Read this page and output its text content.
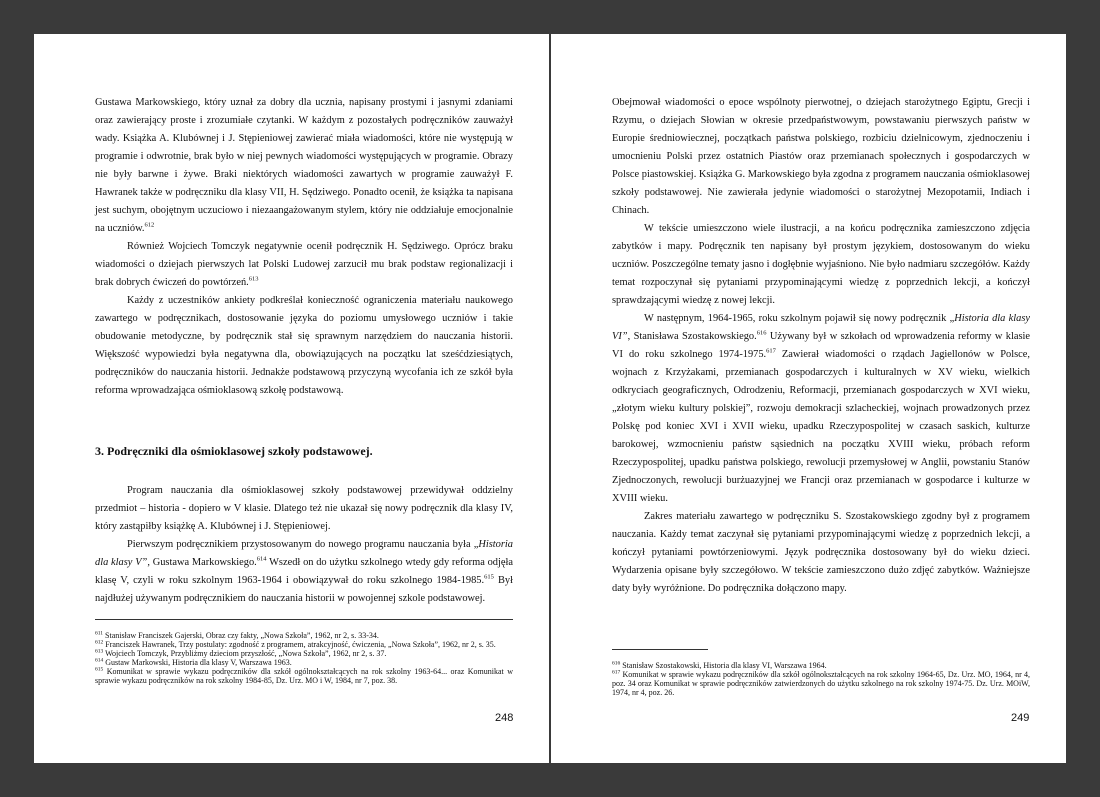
Gustawa Markowskiego, który uznał za dobry dla ucznia, napisany prostymi i jasnymi zdaniami oraz zawierający proste i zrozumiałe czytanki. W każdym z pozostałych podręczników zauważył wady. Książka A. Klubównej i J. Stępieniowej zawierać miała wiadomości, które nie występują w programie i odwrotnie, brak było w niej pewnych wiadomości występujących w programie. Obrazy nie były barwne i żywe. Braki niektórych wiadomości zawartych w programie zauważył F. Hawranek także w podręczniku dla klasy VII, H. Sędziwego. Ponadto ocenił, że książka ta napisana jest suchym, obojętnym uczuciowo i niezaangażowanym stylem, który nie oddziałuje emocjonalnie na uczniów.$^{612}$

Również Wojciech Tomczyk negatywnie ocenił podręcznik H. Sędziwego. Oprócz braku wiadomości o dziejach pierwszych lat Polski Ludowej zarzucił mu brak podstaw regionalizacji i brak dobrych ćwiczeń do powtórzeń.$^{613}$

Każdy z uczestników ankiety podkreślał konieczność ograniczenia materiału naukowego zawartego w podręcznikach, dostosowanie języka do poziomu umysłowego uczniów i takie obudowanie metodyczne, by podręcznik stał się sprawnym narzędziem do nauczania historii. Większość wypowiedzi była negatywna dla, obowiązujących na początku lat sześćdziesiątych, podręczników do nauczania historii. Jednakże podstawową przyczyną wycofania ich ze szkół była reforma wprowadzająca ośmioklasową szkołę podstawową.

3. Podręczniki dla ośmioklasowej szkoły podstawowej.

Program nauczania dla ośmioklasowej szkoły podstawowej przewidywał oddzielny przedmiot – historia - dopiero w V klasie. Dlatego też nie ukazał się nowy podręcznik dla klasy IV, który zastąpiłby książkę A. Klubównej i J. Stępieniowej.

Pierwszym podręcznikiem przystosowanym do nowego programu nauczania była „Historia dla klasy V”, Gustawa Markowskiego.$^{614}$ Wszedł on do użytku szkolnego wtedy gdy reforma odjęła klasę V, czyli w roku szkolnym 1963-1964 i obowiązywał do roku szkolnego 1984-1985.$^{615}$ Był najdłużej używanym podręcznikiem do nauczania historii w powojennej szkole podstawowej.

$^{611}$ Stanisław Franciszek Gajerski, Obraz czy fakty, „Nowa Szkoła”, 1962, nr 2, s. 33-34.

$^{612}$ Franciszek Hawranek, Trzy postulaty: zgodność z programem, atrakcyjność, ćwiczenia, „Nowa Szkoła”, 1962, nr 2, s. 35.

$^{613}$ Wojciech Tomczyk, Przybliżmy dzieciom przyszłość, „Nowa Szkoła”, 1962, nr 2, s. 37.

$^{614}$ Gustaw Markowski, Historia dla klasy V, Warszawa 1963.

$^{615}$ Komunikat w sprawie wykazu podręczników dla szkół ogólnokształcących na rok szkolny 1963-64... oraz Komunikat w sprawie wykazu podręczników na rok szkolny 1984-85, Dz. Urz. MO i W, 1984, nr 7, poz. 38.

248

Obejmował wiadomości o epoce wspólnoty pierwotnej, o dziejach starożytnego Egiptu, Grecji i Rzymu, o dziejach Słowian w okresie przedpaństwowym, powstawaniu pierwszych państw w Europie średniowiecznej, początkach państwa polskiego, rozbiciu dzielnicowym, zjednoczeniu i umocnieniu Polski przez ostatnich Piastów oraz przemianach społecznych i gospodarczych w Polsce piastowskiej. Książka G. Markowskiego była zgodna z programem nauczania ośmioklasowej szkoły podstawowej. Nie zawierała jedynie wiadomości o starożytnej Mezopotamii, Indiach i Chinach.

W tekście umieszczono wiele ilustracji, a na końcu podręcznika zamieszczono zdjęcia zabytków i mapy. Podręcznik ten napisany był prostym językiem, dostosowanym do wieku uczniów. Poszczególne tematy jasno i dogłębnie wyjaśniono. Nie było nadmiaru szczegółów. Każdy temat rozpoczynał się pytaniami przypominającymi wiedzę z poprzednich lekcji, a kończył sprawdzającymi wiedzę z nowej lekcji.

W następnym, 1964-1965, roku szkolnym pojawił się nowy podręcznik „Historia dla klasy VI”, Stanisława Szostakowskiego.$^{616}$ Używany był w szkołach od wprowadzenia reformy w klasie VI do roku szkolnego 1974-1975.$^{617}$ Zawierał wiadomości o rządach Jagiellonów w Polsce, wojnach z Krzyżakami, przemianach gospodarczych i kulturalnych w XV wieku, wielkich odkryciach geograficznych, Odrodzeniu, Reformacji, przemianach gospodarczych w XVI wieku, „złotym wieku kultury polskiej”, rozwoju demokracji szlacheckiej, wojnach prowadzonych przez Polskę pod koniec XVI i XVII wieku, upadku Rzeczypospolitej w czasach saskich, kulturze barokowej, wzmocnieniu państw sąsiednich na początku XVIII wieku, próbach reform Rzeczypospolitej, upadku państwa polskiego, rewolucji przemysłowej w Anglii, powstaniu Stanów Zjednoczonych, rewolucji burżuazyjnej we Francji oraz przemianach w gospodarce i kulturze w XVIII wieku.

Zakres materiału zawartego w podręczniku S. Szostakowskiego zgodny był z programem nauczania. Każdy temat zaczynał się pytaniami przypominającymi wiedzę z poprzednich lekcji, a kończył pytaniami powtórzeniowymi. Język podręcznika dostosowany był do wieku dzieci. Wydarzenia opisane były szczegółowo. W tekście zamieszczono dużo zdjęć zabytków. Ważniejsze daty były wyróżnione. Do podręcznika dołączono mapy.

$^{616}$ Stanisław Szostakowski, Historia dla klasy VI, Warszawa 1964.

$^{617}$ Komunikat w sprawie wykazu podręczników dla szkół ogólnokształcących na rok szkolny 1964-65, Dz. Urz. MO, 1964, nr 4, poz. 34 oraz Komunikat w sprawie podręczników zatwierdzonych do użytku szkolnego na rok szkolny 1974-75. Dz. Urz. MOiW, 1974, nr 4, poz. 26.

249
